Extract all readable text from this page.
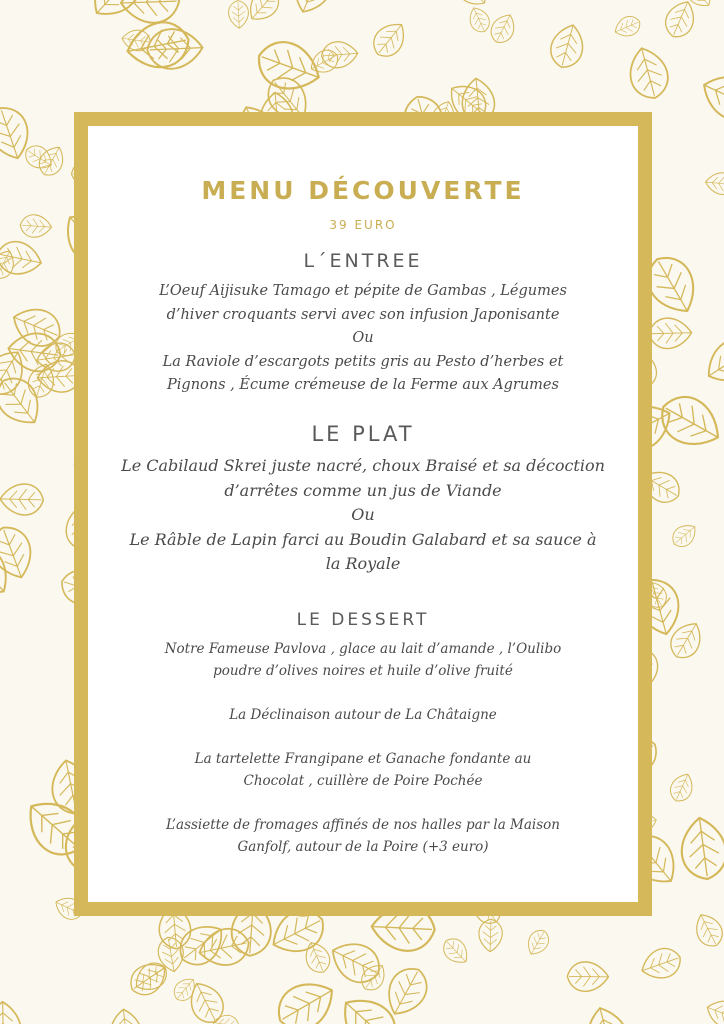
MENU DÉCOUVERTE
39 EURO
L´ENTREE

L’Oeuf Aijisuke Tamago et pépite de Gambas , Légumes

d’hiver croquants servi avec son infusion Japonisante

Ou

La Raviole d’escargots petits gris au Pesto d’herbes et

Pignons , Écume crémeuse de la Ferme aux Agrumes

LE PLAT

Le Cabilaud Skrei juste nacré, choux Braisé et sa décoction

d’arrêtes comme un jus de Viande

Ou

Le Râble de Lapin farci au Boudin Galabard et sa sauce à

la Royale

LE DESSERT

Notre Fameuse Pavlova , glace au lait d’amande , l’Oulibo

poudre d’olives noires et huile d’olive fruité

La Déclinaison autour de La Châtaigne

La tartelette Frangipane et Ganache fondante au

Chocolat , cuillère de Poire Pochée

L’assiette de fromages affinés de nos halles par la Maison

Ganfolf, autour de la Poire (+3 euro)
